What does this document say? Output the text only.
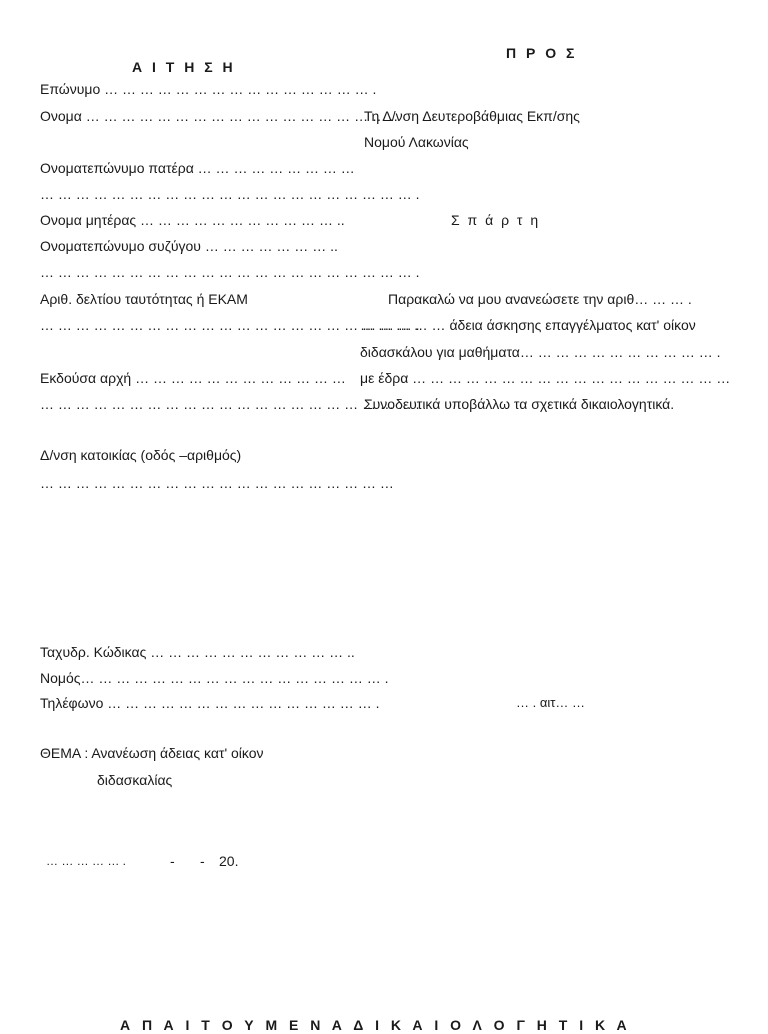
Α Ι Τ Η Σ Η
Επώνυμο … … … … … … … … … … … … … … … .
Ονομα … … … … … … … … … … … … … … … … … ..
Ονοματεπώνυμο πατέρα … … … … … … … … …
… … … … … … … … … … … … … … … … … … … … … .
Ονομα μητέρας … … … … … … … … … … … ..
Ονοματεπώνυμο συζύγου … … … … … … … ..
… … … … … … … … … … … … … … … … … … … … … .
Αριθ. δελτίου ταυτότητας ή ΕΚΑΜ
… … … … … … … … … … … … … … … … … … … … … .
Εκδούσα αρχή … … … … … … … … … … … …
… … … … … … … … … … … … … … … … … … … … … .
Δ/νση κατοικίας (οδός –αριθμός)
… … … … … … … … … … … … … … … … … … … …
Ταχυδρ. Κώδικας … … … … … … … … … … … ..
Νομός… … … … … … … … … … … … … … … … … .
Τηλέφωνο … … … … … … … … … … … … … … … .
ΘΕΜΑ : Ανανέωση άδειας κατ' οίκον
διδασκαλίας
… … … … … .	- - 20.
Π Ρ Ο Σ
Τη Δ/νση Δευτεροβάθμιας Εκπ/σης
Νομού Λακωνίας
Σ π ά ρ τ η
Παρακαλώ να μου ανανεώσετε την αριθ… … … .
… … … … … άδεια άσκησης επαγγέλματος κατ' οίκον
διδασκάλου για μαθήματα… … … … … … … … … … … .
με έδρα … … … … … … … … … … … … … … … … … …
Συνοδευτικά υποβάλλω τα σχετικά δικαιολογητικά.
… . αιτ… …
Α Π Α Ι Τ Ο Υ Μ Ε Ν Α Δ Ι Κ Α Ι Ο Λ Ο Γ Η Τ Ι Κ Α
